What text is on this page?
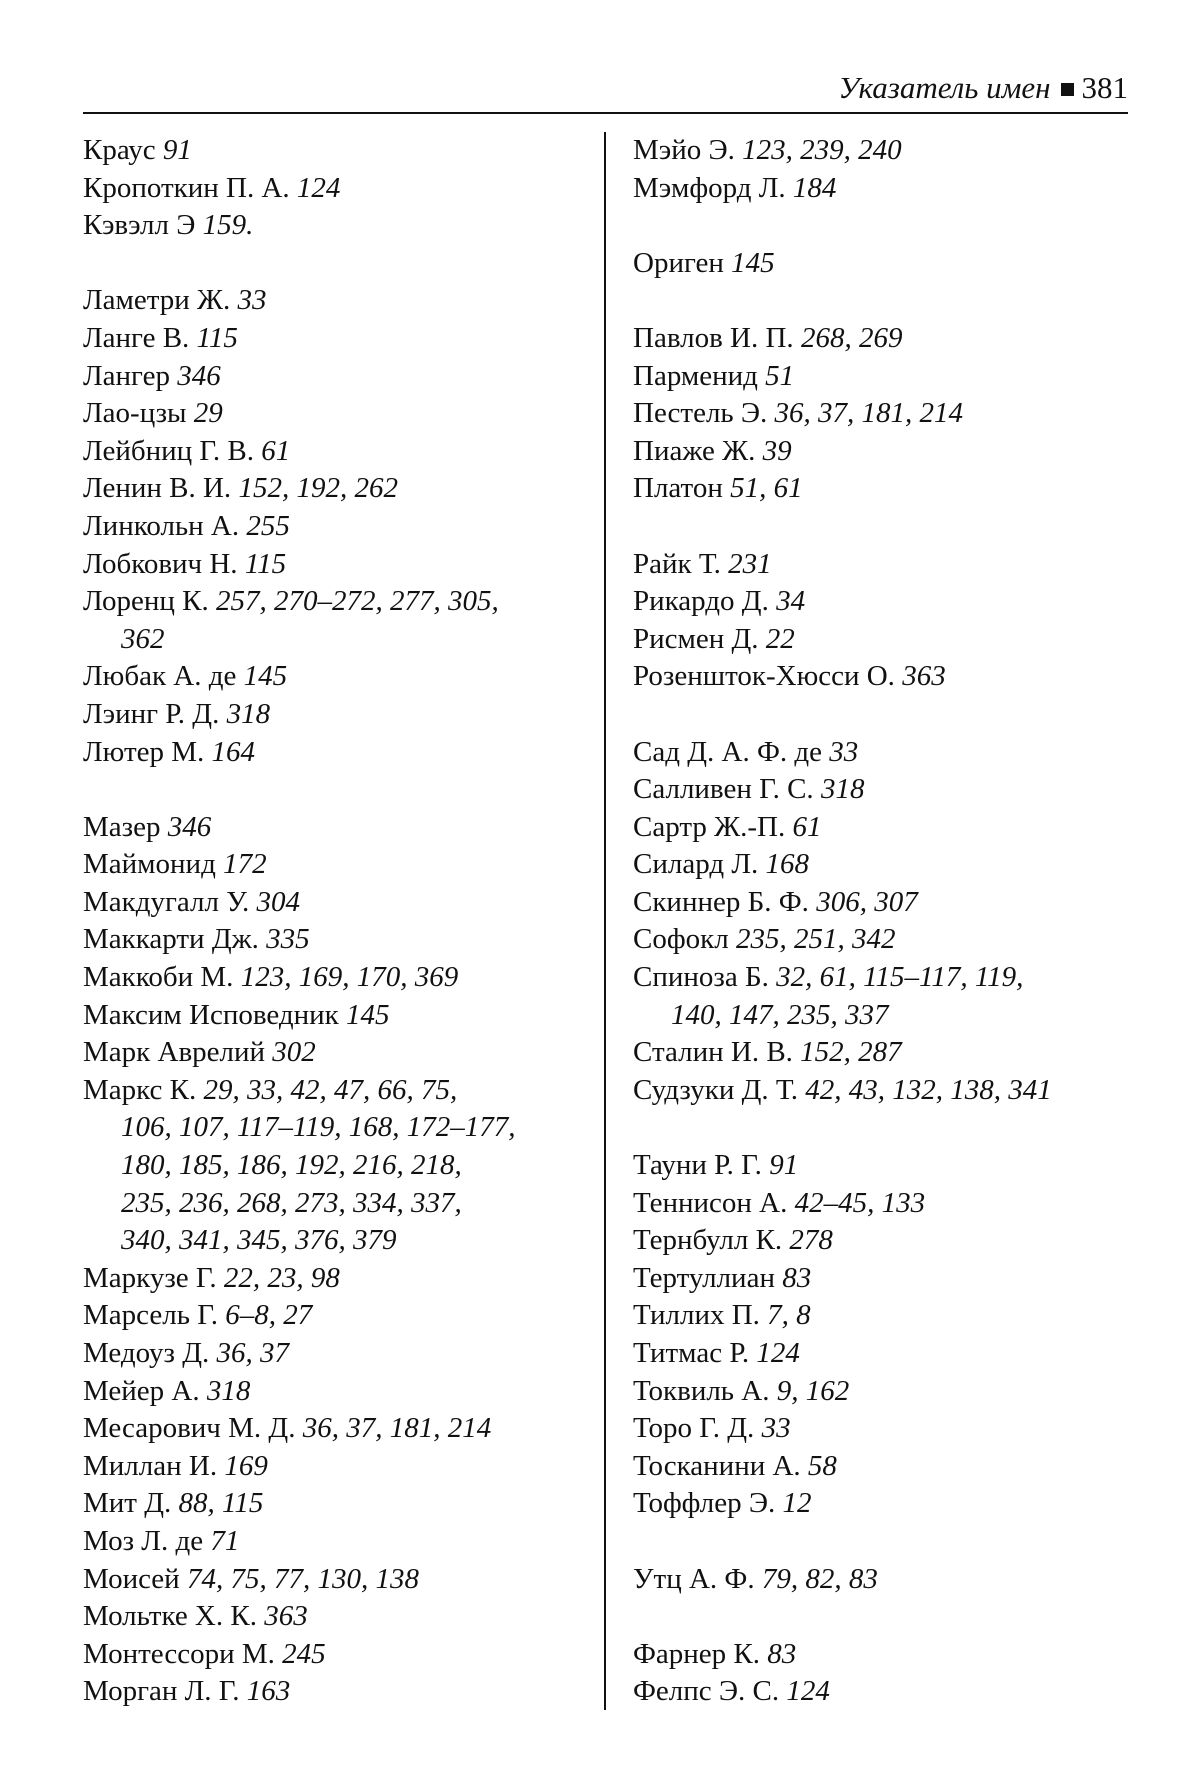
Указатель имен 381
Краус 91
Кропоткин П. А. 124
Кэвэлл Э 159.
Ламетри Ж. 33
Ланге В. 115
Лангер 346
Лао-цзы 29
Лейбниц Г. В. 61
Ленин В. И. 152, 192, 262
Линкольн А. 255
Лобкович Н. 115
Лоренц К. 257, 270–272, 277, 305,
362
Любак А. де 145
Лэинг Р. Д. 318
Лютер М. 164
Мазер 346
Маймонид 172
Макдугалл У. 304
Маккарти Дж. 335
Маккоби М. 123, 169, 170, 369
Максим Исповедник 145
Марк Аврелий 302
Маркс К. 29, 33, 42, 47, 66, 75,
106, 107, 117–119, 168, 172–177,
180, 185, 186, 192, 216, 218,
235, 236, 268, 273, 334, 337,
340, 341, 345, 376, 379
Маркузе Г. 22, 23, 98
Марсель Г. 6–8, 27
Медоуз Д. 36, 37
Мейер А. 318
Месарович М. Д. 36, 37, 181, 214
Миллан И. 169
Мит Д. 88, 115
Моз Л. де 71
Моисей 74, 75, 77, 130, 138
Мольтке Х. К. 363
Монтессори М. 245
Морган Л. Г. 163
Мэйо Э. 123, 239, 240
Мэмфорд Л. 184
Ориген 145
Павлов И. П. 268, 269
Парменид 51
Пестель Э. 36, 37, 181, 214
Пиаже Ж. 39
Платон 51, 61
Райк Т. 231
Рикардо Д. 34
Рисмен Д. 22
Розеншток-Хюсси О. 363
Сад Д. А. Ф. де 33
Салливен Г. С. 318
Сартр Ж.-П. 61
Силард Л. 168
Скиннер Б. Ф. 306, 307
Софокл 235, 251, 342
Спиноза Б. 32, 61, 115–117, 119,
140, 147, 235, 337
Сталин И. В. 152, 287
Судзуки Д. Т. 42, 43, 132, 138, 341
Тауни Р. Г. 91
Теннисон А. 42–45, 133
Тернбулл К. 278
Тертуллиан 83
Тиллих П. 7, 8
Титмас Р. 124
Токвиль А. 9, 162
Торо Г. Д. 33
Тосканини А. 58
Тоффлер Э. 12
Утц А. Ф. 79, 82, 83
Фарнер К. 83
Фелпс Э. С. 124
